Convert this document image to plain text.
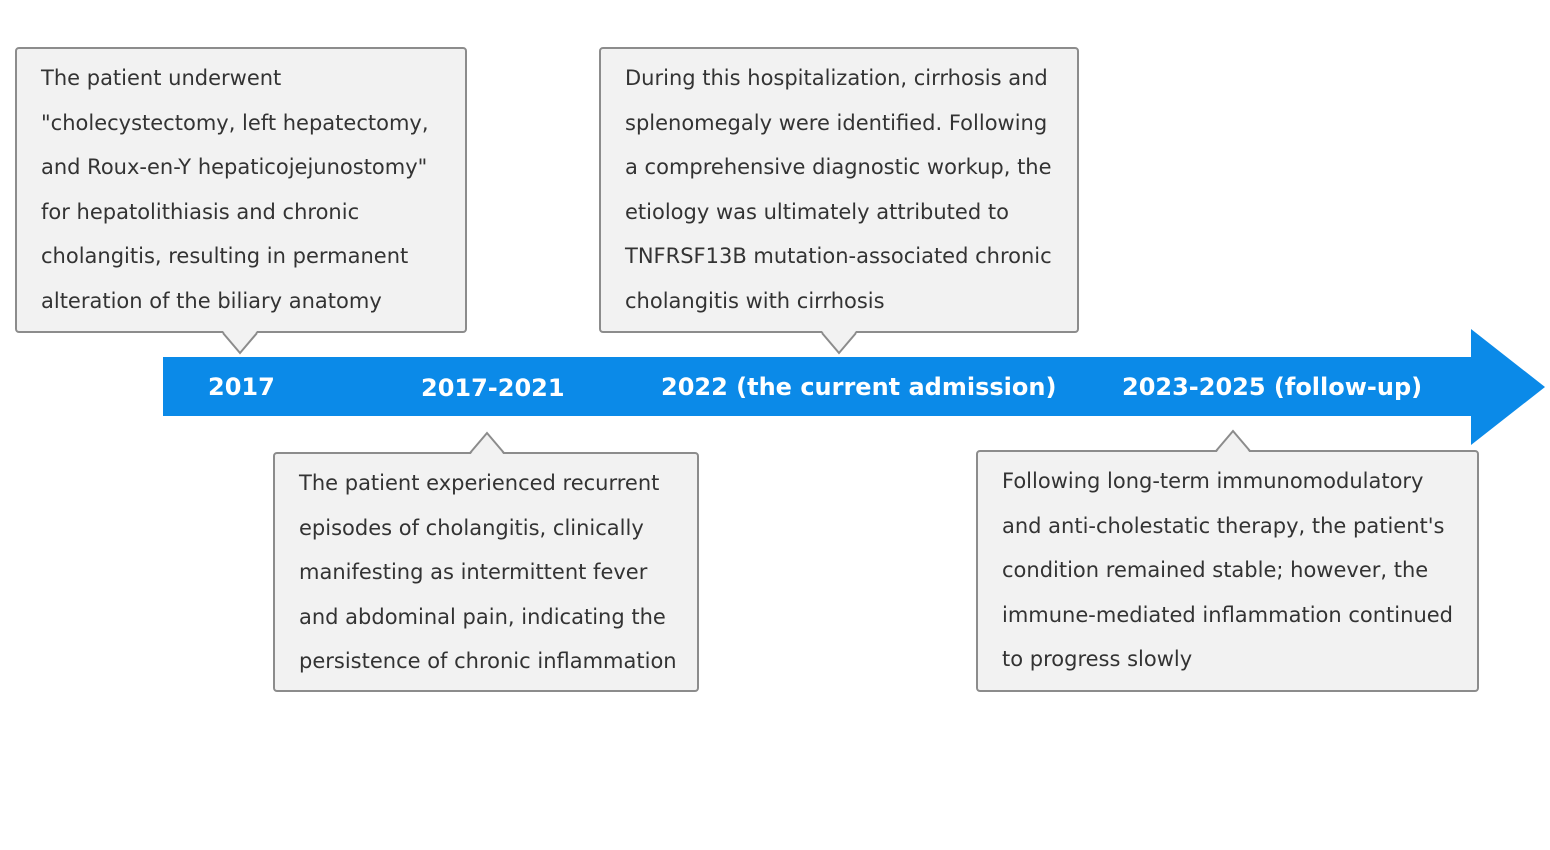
2017	2017-2021	2022 (the current admission)	2023-2025 (follow-up)

The patient underwent

"cholecystectomy, left hepatectomy,

and Roux-en-Y hepaticojejunostomy"

for hepatolithiasis and chronic

cholangitis, resulting in permanent

alteration of the biliary anatomy

The patient experienced recurrent

episodes of cholangitis, clinically

manifesting as intermittent fever

and abdominal pain, indicating the

persistence of chronic inflammation

During this hospitalization, cirrhosis and

splenomegaly were identified. Following

a comprehensive diagnostic workup, the

etiology was ultimately attributed to

TNFRSF13B mutation-associated chronic

cholangitis with cirrhosis

Following long-term immunomodulatory

and anti-cholestatic therapy, the patient's

condition remained stable; however, the

immune-mediated inflammation continued

to progress slowly
